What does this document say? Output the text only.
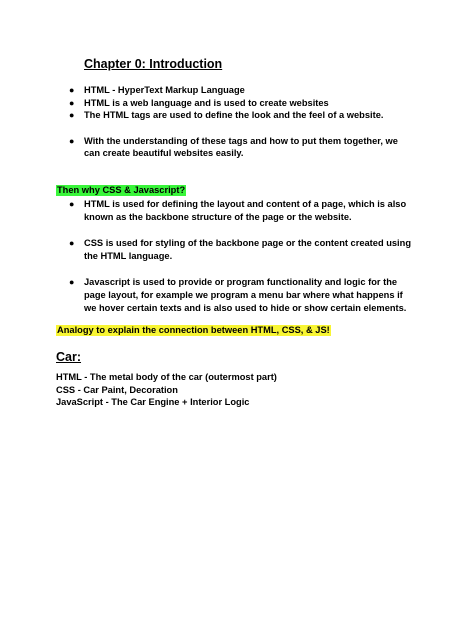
Chapter 0: Introduction
● HTML - HyperText Markup Language
● HTML is a web language and is used to create websites
● The HTML tags are used to define the look and the feel of a website.
● With the understanding of these tags and how to put them together, we can create beautiful websites easily.
Then why CSS & Javascript?
● HTML is used for defining the layout and content of a page, which is also known as the backbone structure of the page or the website.
● CSS is used for styling of the backbone page or the content created using the HTML language.
● Javascript is used to provide or program functionality and logic for the page layout, for example we program a menu bar where what happens if we hover certain texts and is also used to hide or show certain elements.
Analogy to explain the connection between HTML, CSS, & JS!
Car:
HTML - The metal body of the car (outermost part)
CSS - Car Paint, Decoration
JavaScript - The Car Engine + Interior Logic
